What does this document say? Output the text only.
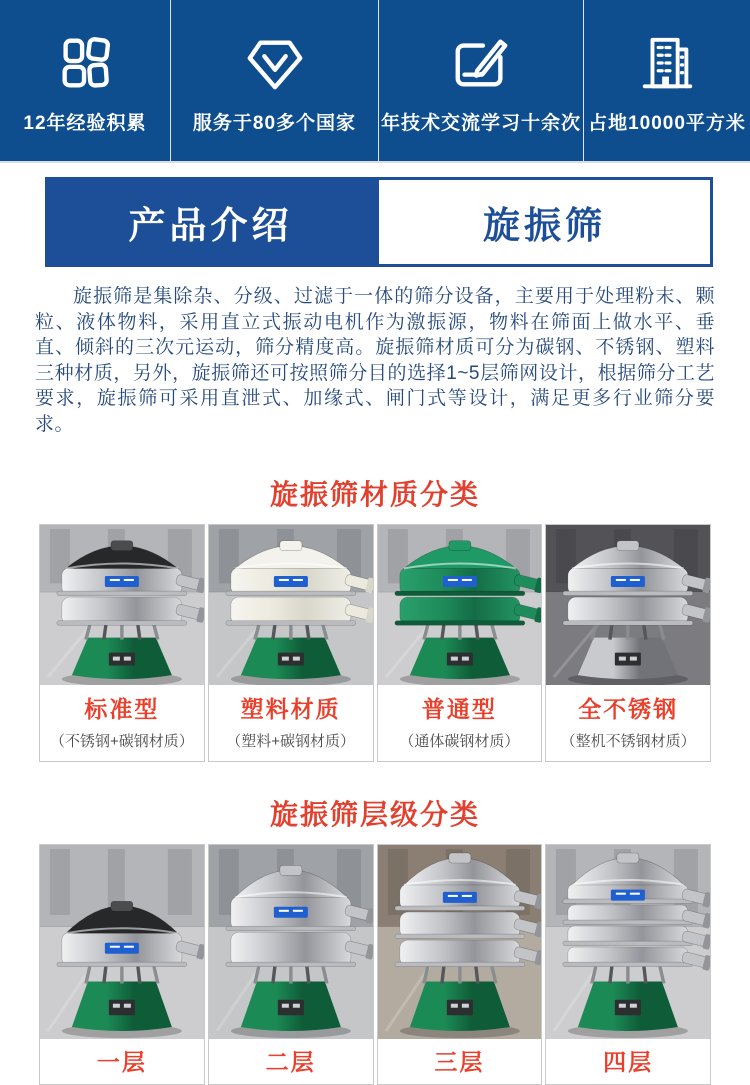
12年经验积累 服务于80多个国家 年技术交流学习十余次 占地10000平方米
产品介绍	旋振筛

旋振筛是集除杂、分级、过滤于一体的筛分设备，主要用于处理粉末、颗粒、液体物料，采用直立式振动电机作为激振源，物料在筛面上做水平、垂直、倾斜的三次元运动，筛分精度高。旋振筛材质可分为碳钢、不锈钢、塑料三种材质，另外，旋振筛还可按照筛分目的选择1~5层筛网设计，根据筛分工艺要求，旋振筛可采用直泄式、加缘式、闸门式等设计，满足更多行业筛分要求。

旋振筛材质分类
标准型
（不锈钢+碳钢材质）
塑料材质
（塑料+碳钢材质）
普通型
（通体碳钢材质）
全不锈钢
（整机不锈钢材质）
旋振筛层级分类
一层	二层	三层	四层
